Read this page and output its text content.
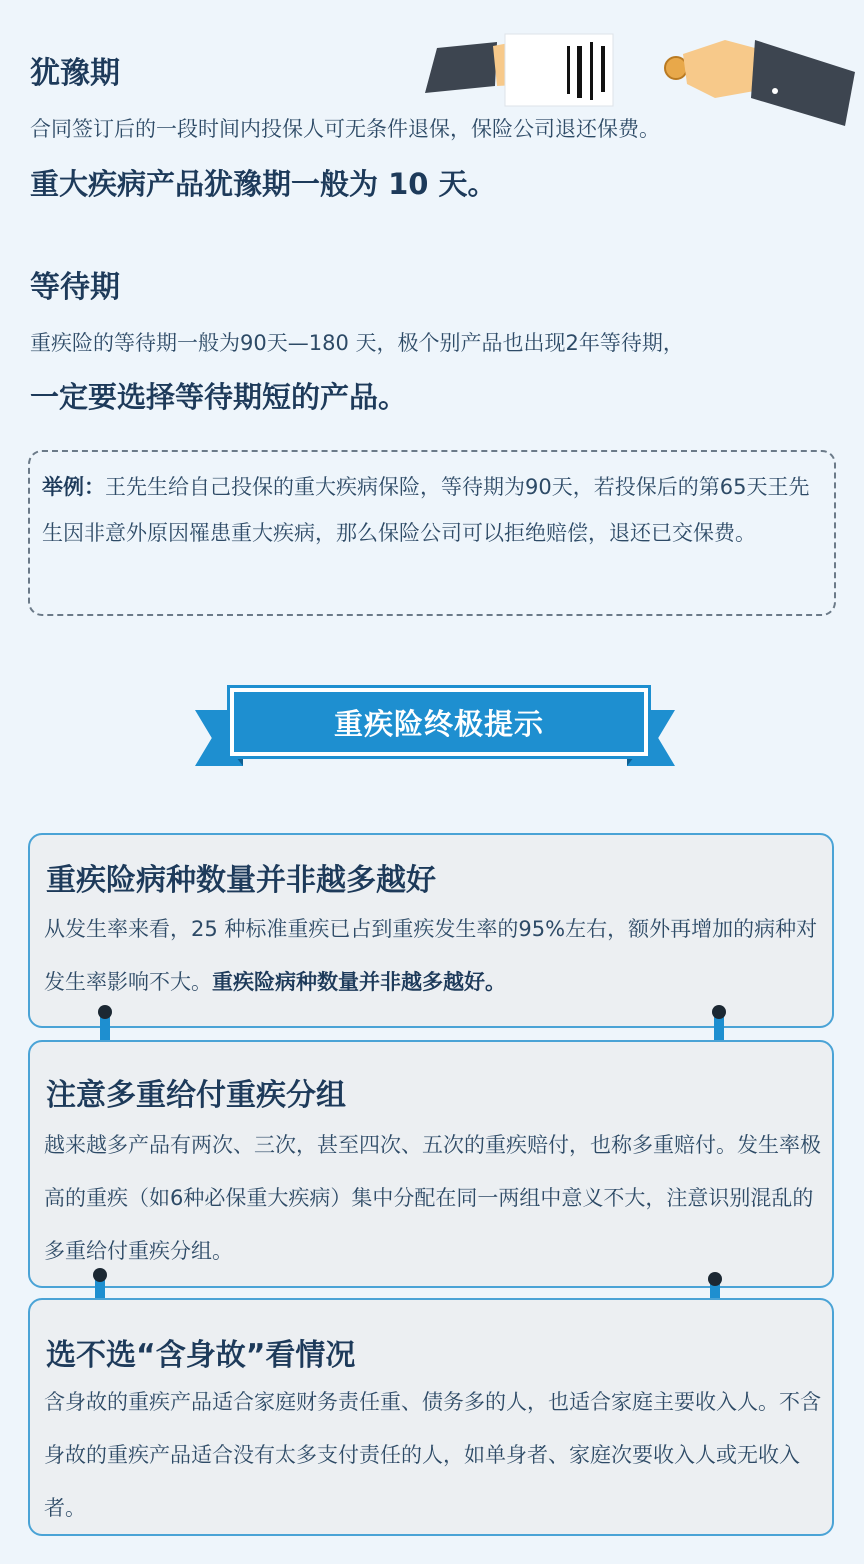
犹豫期

合同签订后的一段时间内投保人可无条件退保，保险公司退还保费。

重大疾病产品犹豫期一般为 10 天。

等待期

重疾险的等待期一般为90天—180 天，极个别产品也出现2年等待期，

一定要选择等待期短的产品。

举例：王先生给自己投保的重大疾病保险，等待期为90天，若投保后的第65天王先生因非意外原因罹患重大疾病，那么保险公司可以拒绝赔偿，退还已交保费。

重疾险终极提示
重疾险病种数量并非越多越好

从发生率来看，25 种标准重疾已占到重疾发生率的95%左右，额外再增加的病种对发生率影响不大。重疾险病种数量并非越多越好。

注意多重给付重疾分组

越来越多产品有两次、三次，甚至四次、五次的重疾赔付，也称多重赔付。发生率极高的重疾（如6种必保重大疾病）集中分配在同一两组中意义不大，注意识别混乱的多重给付重疾分组。

选不选“含身故”看情况

含身故的重疾产品适合家庭财务责任重、债务多的人，也适合家庭主要收入人。不含身故的重疾产品适合没有太多支付责任的人，如单身者、家庭次要收入人或无收入者。
